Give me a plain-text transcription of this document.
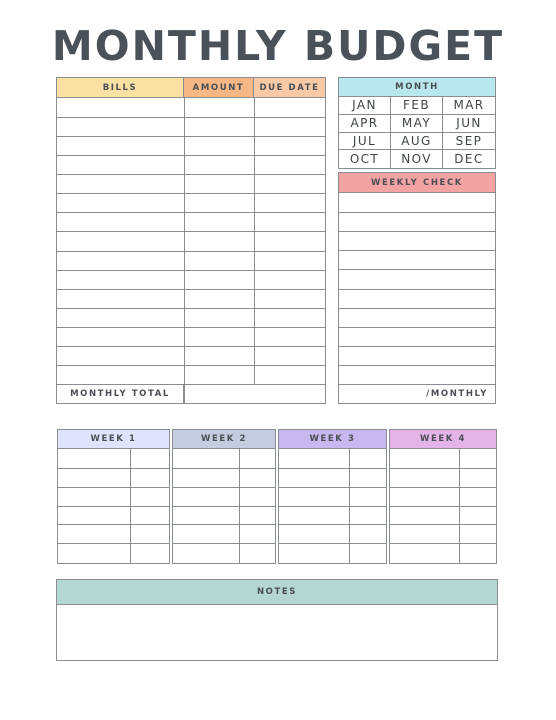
MONTHLY BUDGET
BILLS	AMOUNT	DUE DATE
MONTHLY TOTAL
MONTH
JAN	FEB	MAR
APR	MAY	JUN
JUL	AUG	SEP
OCT	NOV	DEC
WEEKLY CHECK
/MONTHLY
WEEK 1	WEEK 2	WEEK 3	WEEK 4
NOTES
